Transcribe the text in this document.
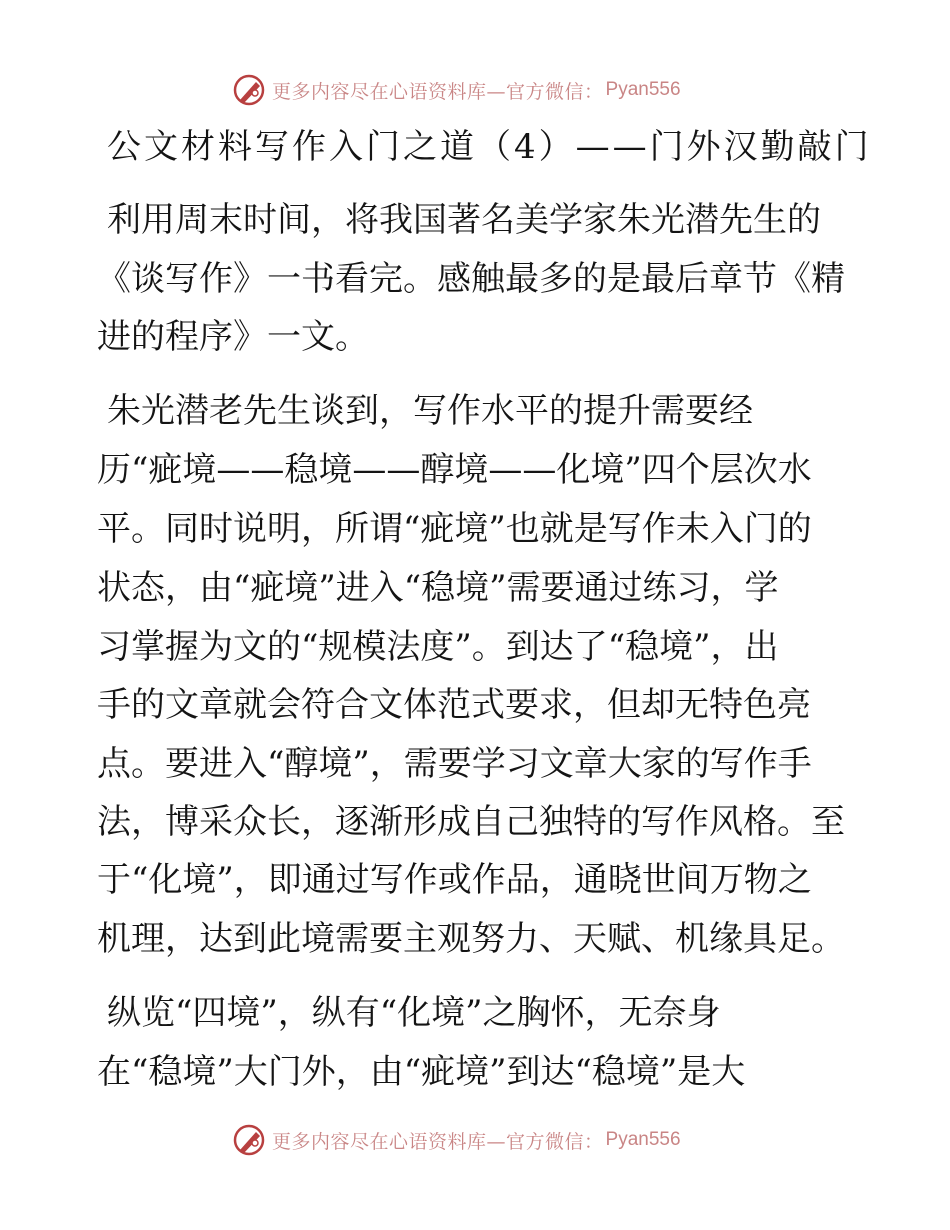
更多内容尽在心语资料库—官方微信： Pyan556
公文材料写作入门之道（4）——门外汉勤敲门
利用周末时间，将我国著名美学家朱光潜先生的
《谈写作》一书看完。感触最多的是最后章节《精
进的程序》一文。
朱光潜老先生谈到，写作水平的提升需要经
历“疵境——稳境——醇境——化境”四个层次水
平。同时说明，所谓“疵境”也就是写作未入门的
状态，由“疵境”进入“稳境”需要通过练习，学
习掌握为文的“规模法度”。到达了“稳境”，出
手的文章就会符合文体范式要求，但却无特色亮
点。要进入“醇境”，需要学习文章大家的写作手
法，博采众长，逐渐形成自己独特的写作风格。至
于“化境”，即通过写作或作品，通晓世间万物之
机理，达到此境需要主观努力、天赋、机缘具足。
纵览“四境”，纵有“化境”之胸怀，无奈身
在“稳境”大门外，由“疵境”到达“稳境”是大
更多内容尽在心语资料库—官方微信： Pyan556
